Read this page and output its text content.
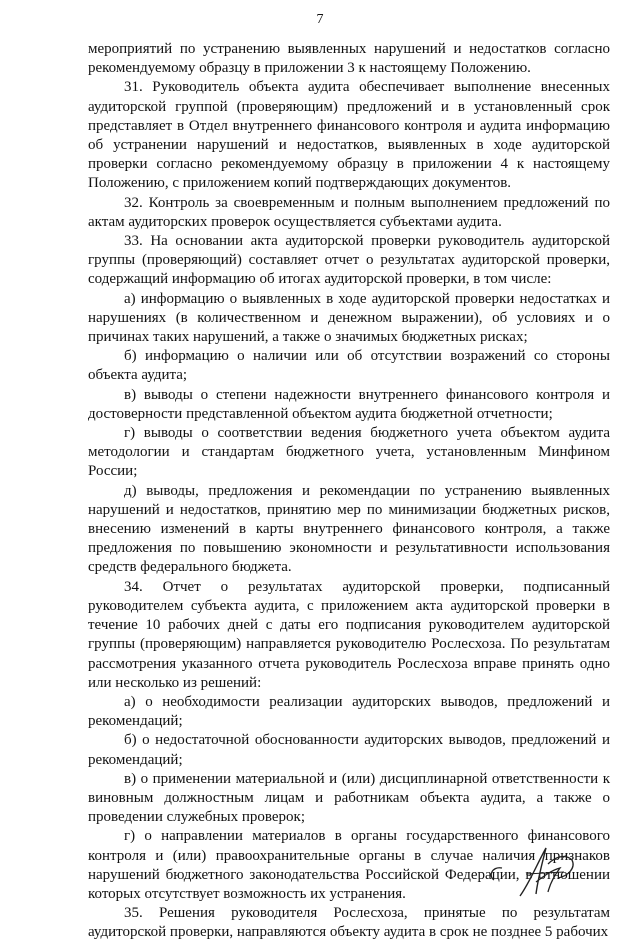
7

мероприятий по устранению выявленных нарушений и недостатков согласно рекомендуемому образцу в приложении 3 к настоящему Положению.

31. Руководитель объекта аудита обеспечивает выполнение внесенных аудиторской группой (проверяющим) предложений и в установленный срок представляет в Отдел внутреннего финансового контроля и аудита информацию об устранении нарушений и недостатков, выявленных в ходе аудиторской проверки согласно рекомендуемому образцу в приложении 4 к настоящему Положению, с приложением копий подтверждающих документов.

32. Контроль за своевременным и полным выполнением предложений по актам аудиторских проверок осуществляется субъектами аудита.

33. На основании акта аудиторской проверки руководитель аудиторской группы (проверяющий) составляет отчет о результатах аудиторской проверки, содержащий информацию об итогах аудиторской проверки, в том числе:

а) информацию о выявленных в ходе аудиторской проверки недостатках и нарушениях (в количественном и денежном выражении), об условиях и о причинах таких нарушений, а также о значимых бюджетных рисках;

б) информацию о наличии или об отсутствии возражений со стороны объекта аудита;

в) выводы о степени надежности внутреннего финансового контроля и достоверности представленной объектом аудита бюджетной отчетности;

г) выводы о соответствии ведения бюджетного учета объектом аудита методологии и стандартам бюджетного учета, установленным Минфином России;

д) выводы, предложения и рекомендации по устранению выявленных нарушений и недостатков, принятию мер по минимизации бюджетных рисков, внесению изменений в карты внутреннего финансового контроля, а также предложения по повышению экономности и результативности использования средств федерального бюджета.

34. Отчет о результатах аудиторской проверки, подписанный руководителем субъекта аудита, с приложением акта аудиторской проверки в течение 10 рабочих дней с даты его подписания руководителем аудиторской группы (проверяющим) направляется руководителю Рослесхоза. По результатам рассмотрения указанного отчета руководитель Рослесхоза вправе принять одно или несколько из решений:

а) о необходимости реализации аудиторских выводов, предложений и рекомендаций;

б) о недостаточной обоснованности аудиторских выводов, предложений и рекомендаций;

в) о применении материальной и (или) дисциплинарной ответственности к виновным должностным лицам и работникам объекта аудита, а также о проведении служебных проверок;

г) о направлении материалов в органы государственного финансового контроля и (или) правоохранительные органы в случае наличия признаков нарушений бюджетного законодательства Российской Федерации, в отношении которых отсутствует возможность их устранения.

35. Решения руководителя Рослесхоза, принятые по результатам аудиторской проверки, направляются объекту аудита в срок не позднее 5 рабочих
